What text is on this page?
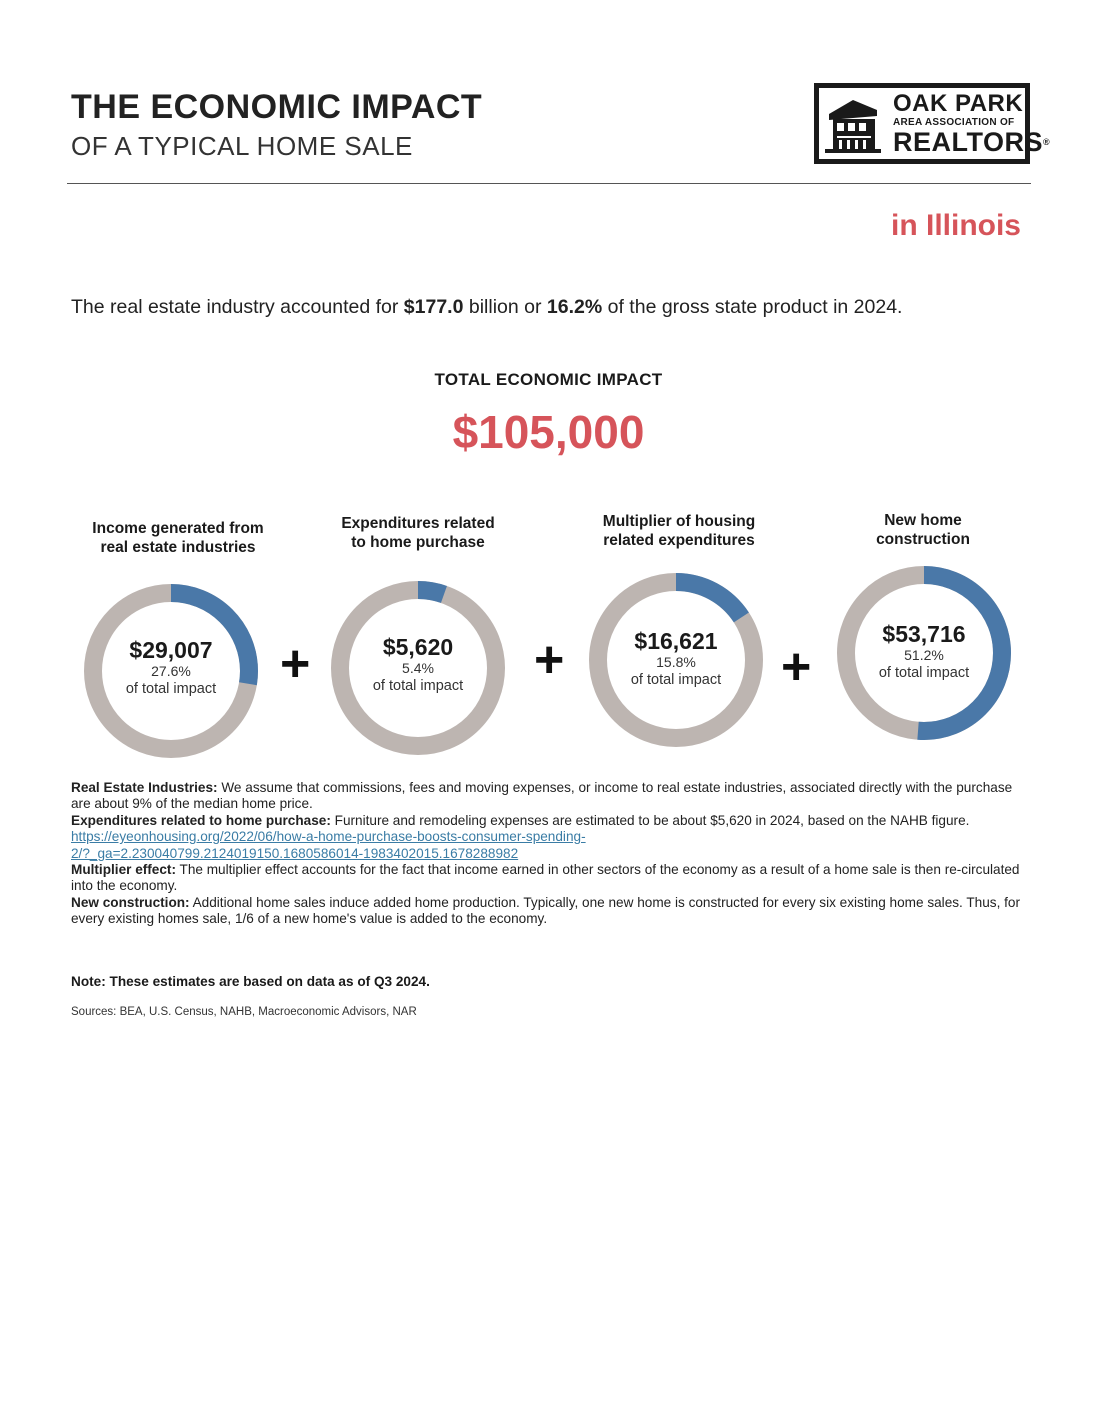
THE ECONOMIC IMPACT
OF A TYPICAL HOME SALE
OAK PARK
AREA ASSOCIATION OF
REALTORS®
in Illinois
The real estate industry accounted for $177.0 billion or 16.2% of the gross state product in 2024.
TOTAL ECONOMIC IMPACT
$105,000
Income generated from
real estate industries
$29,007
27.6%
of total impact	+
Expenditures related
to home purchase
$5,620
5.4%
of total impact	+
Multiplier of housing
related expenditures
$16,621
15.8%
of total impact	+
New home
construction
$53,716
51.2%
of total impact

Real Estate Industries: We assume that commissions, fees and moving expenses, or income to real estate industries, associated directly with the purchase are about 9% of the median home price.

Expenditures related to home purchase: Furniture and remodeling expenses are estimated to be about $5,620 in 2024, based on the NAHB figure.

https://eyeonhousing.org/2022/06/how-a-home-purchase-boosts-consumer-spending-
2/?_ga=2.230040799.2124019150.1680586014-1983402015.1678288982

Multiplier effect: The multiplier effect accounts for the fact that income earned in other sectors of the economy as a result of a home sale is then re-circulated into the economy.

New construction: Additional home sales induce added home production. Typically, one new home is constructed for every six existing home sales. Thus, for every existing homes sale, 1/6 of a new home's value is added to the economy.

Note: These estimates are based on data as of Q3 2024.
Sources: BEA, U.S. Census, NAHB, Macroeconomic Advisors, NAR
